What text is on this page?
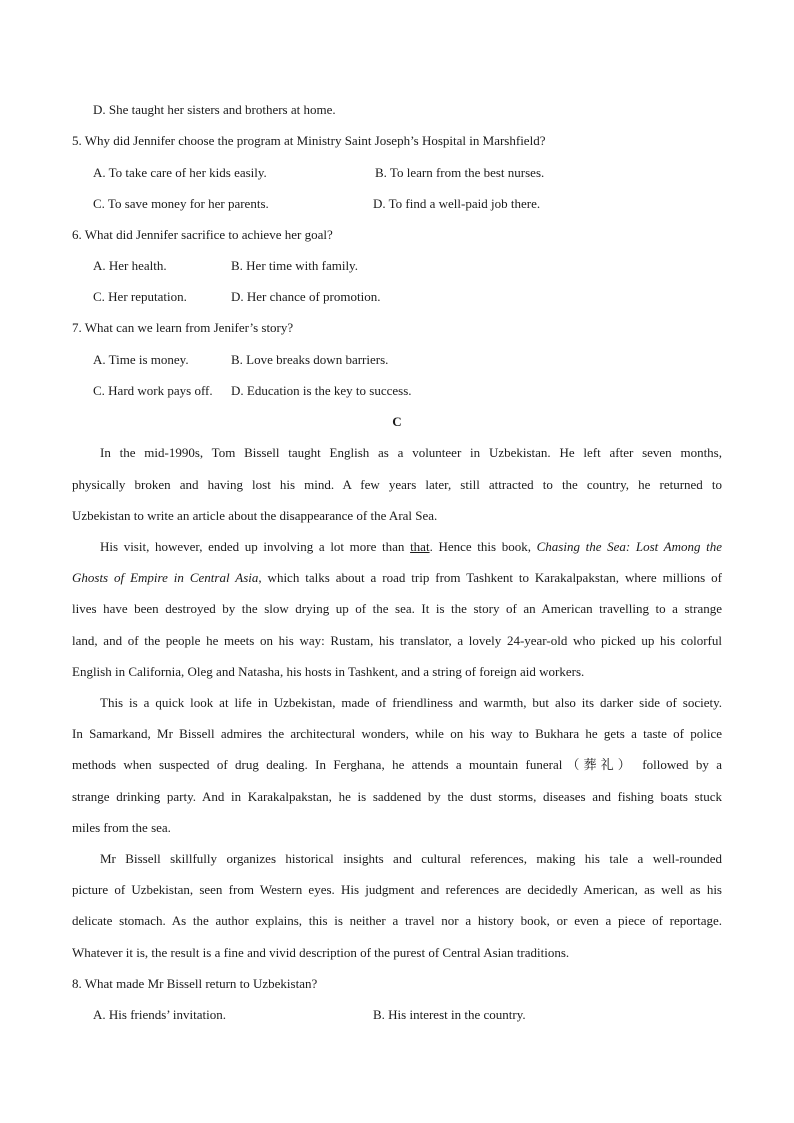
D. She taught her sisters and brothers at home.
5. Why did Jennifer choose the program at Ministry Saint Joseph’s Hospital in Marshfield?
A. To take care of her kids easily.	B. To learn from the best nurses.
C. To save money for her parents.	D. To find a well-paid job there.
6. What did Jennifer sacrifice to achieve her goal?
A. Her health.	B. Her time with family.
C. Her reputation.	D. Her chance of promotion.
7. What can we learn from Jenifer’s story?
A. Time is money.	B. Love breaks down barriers.
C. Hard work pays off. D. Education is the key to success.
C
In the mid-1990s, Tom Bissell taught English as a volunteer in Uzbekistan. He left after seven months,
physically broken and having lost his mind. A few years later, still attracted to the country, he returned to
Uzbekistan to write an article about the disappearance of the Aral Sea.
His visit, however, ended up involving a lot more than that. Hence this book, Chasing the Sea: Lost Among the
Ghosts of Empire in Central Asia, which talks about a road trip from Tashkent to Karakalpakstan, where millions of
lives have been destroyed by the slow drying up of the sea. It is the story of an American travelling to a strange
land, and of the people he meets on his way: Rustam, his translator, a lovely 24-year-old who picked up his colorful
English in California, Oleg and Natasha, his hosts in Tashkent, and a string of foreign aid workers.
This is a quick look at life in Uzbekistan, made of friendliness and warmth, but also its darker side of society.
In Samarkand, Mr Bissell admires the architectural wonders, while on his way to Bukhara he gets a taste of police
methods when suspected of drug dealing. In Ferghana, he attends a mountain funeral（葬礼） followed by a
strange drinking party. And in Karakalpakstan, he is saddened by the dust storms, diseases and fishing boats stuck
miles from the sea.
Mr Bissell skillfully organizes historical insights and cultural references, making his tale a well-rounded
picture of Uzbekistan, seen from Western eyes. His judgment and references are decidedly American, as well as his
delicate stomach. As the author explains, this is neither a travel nor a history book, or even a piece of reportage.
Whatever it is, the result is a fine and vivid description of the purest of Central Asian traditions.
8. What made Mr Bissell return to Uzbekistan?
A. His friends’ invitation.	B. His interest in the country.
